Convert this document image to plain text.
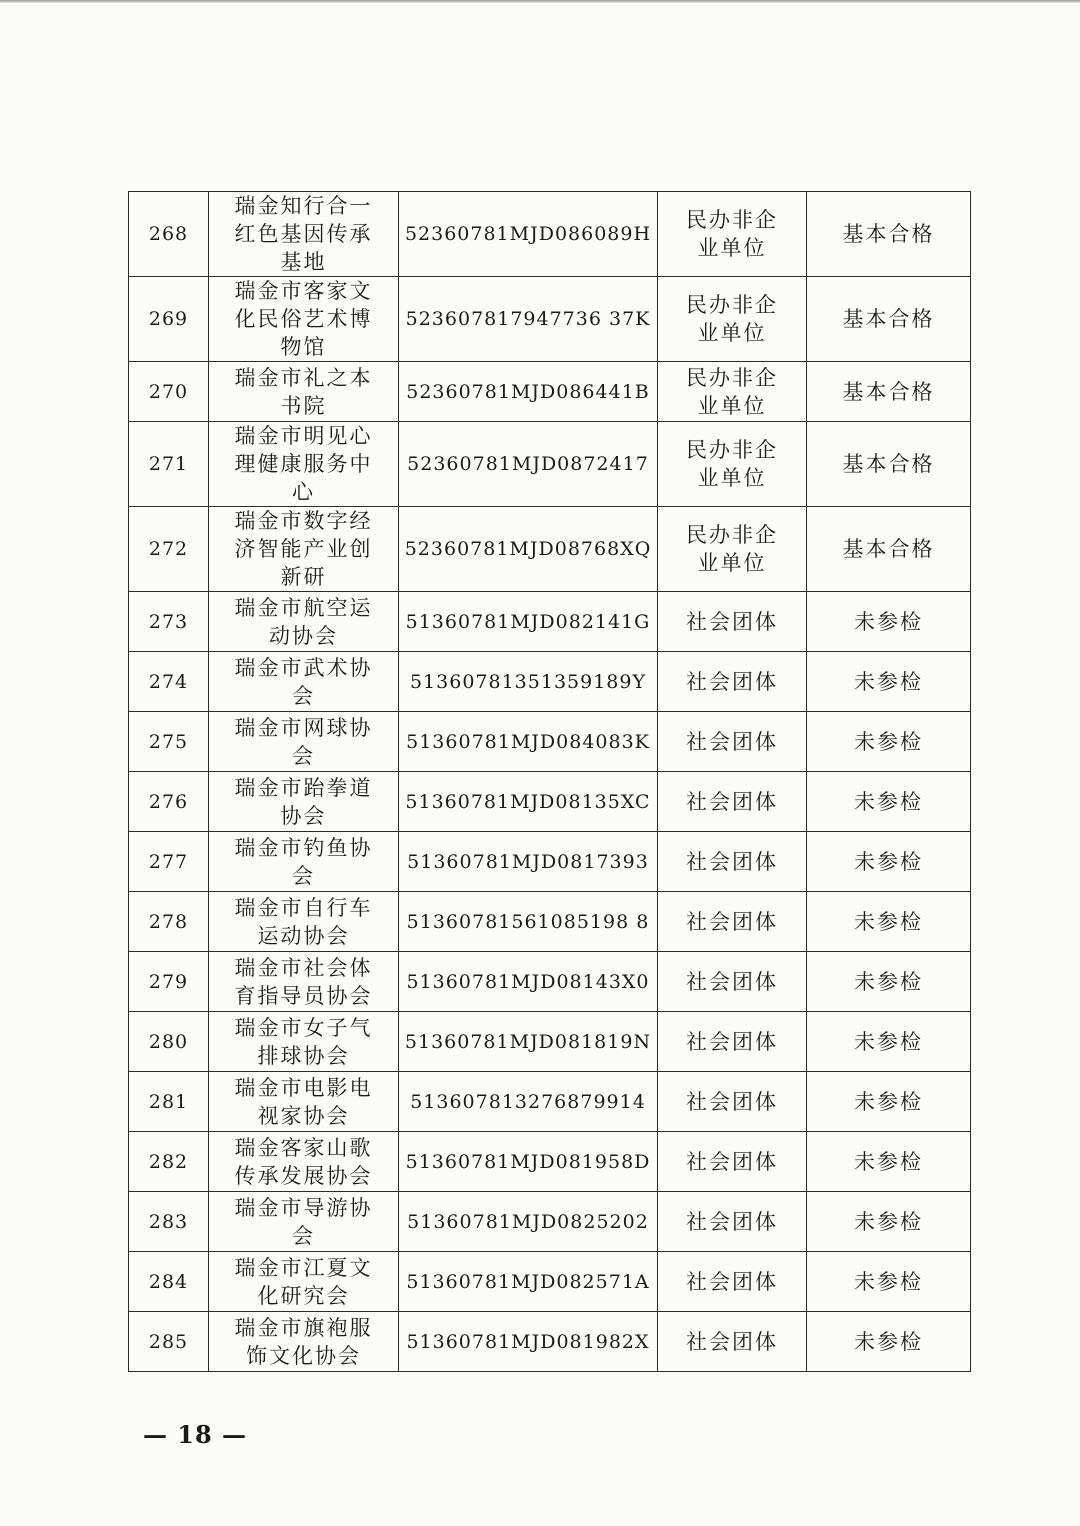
268	瑞金知行合一红色基因传承基地	52360781MJD086089H	民办非企业单位	基本合格
269	瑞金市客家文化民俗艺术博物馆	523607817947736 37K	民办非企业单位	基本合格
270	瑞金市礼之本书院	52360781MJD086441B	民办非企业单位	基本合格
271	瑞金市明见心理健康服务中心	52360781MJD0872417	民办非企业单位	基本合格
272	瑞金市数字经济智能产业创新研	52360781MJD08768XQ	民办非企业单位	基本合格
273	瑞金市航空运动协会	51360781MJD082141G	社会团体	未参检
274	瑞金市武术协会	51360781351359189Y	社会团体	未参检
275	瑞金市网球协会	51360781MJD084083K	社会团体	未参检
276	瑞金市跆拳道协会	51360781MJD08135XC	社会团体	未参检
277	瑞金市钓鱼协会	51360781MJD0817393	社会团体	未参检
278	瑞金市自行车运动协会	51360781561085198 8	社会团体	未参检
279	瑞金市社会体育指导员协会	51360781MJD08143X0	社会团体	未参检
280	瑞金市女子气排球协会	51360781MJD081819N	社会团体	未参检
281	瑞金市电影电视家协会	513607813276879914	社会团体	未参检
282	瑞金客家山歌传承发展协会	51360781MJD081958D	社会团体	未参检
283	瑞金市导游协会	51360781MJD0825202	社会团体	未参检
284	瑞金市江夏文化研究会	51360781MJD082571A	社会团体	未参检
285	瑞金市旗袍服饰文化协会	51360781MJD081982X	社会团体	未参检
— 18 —
